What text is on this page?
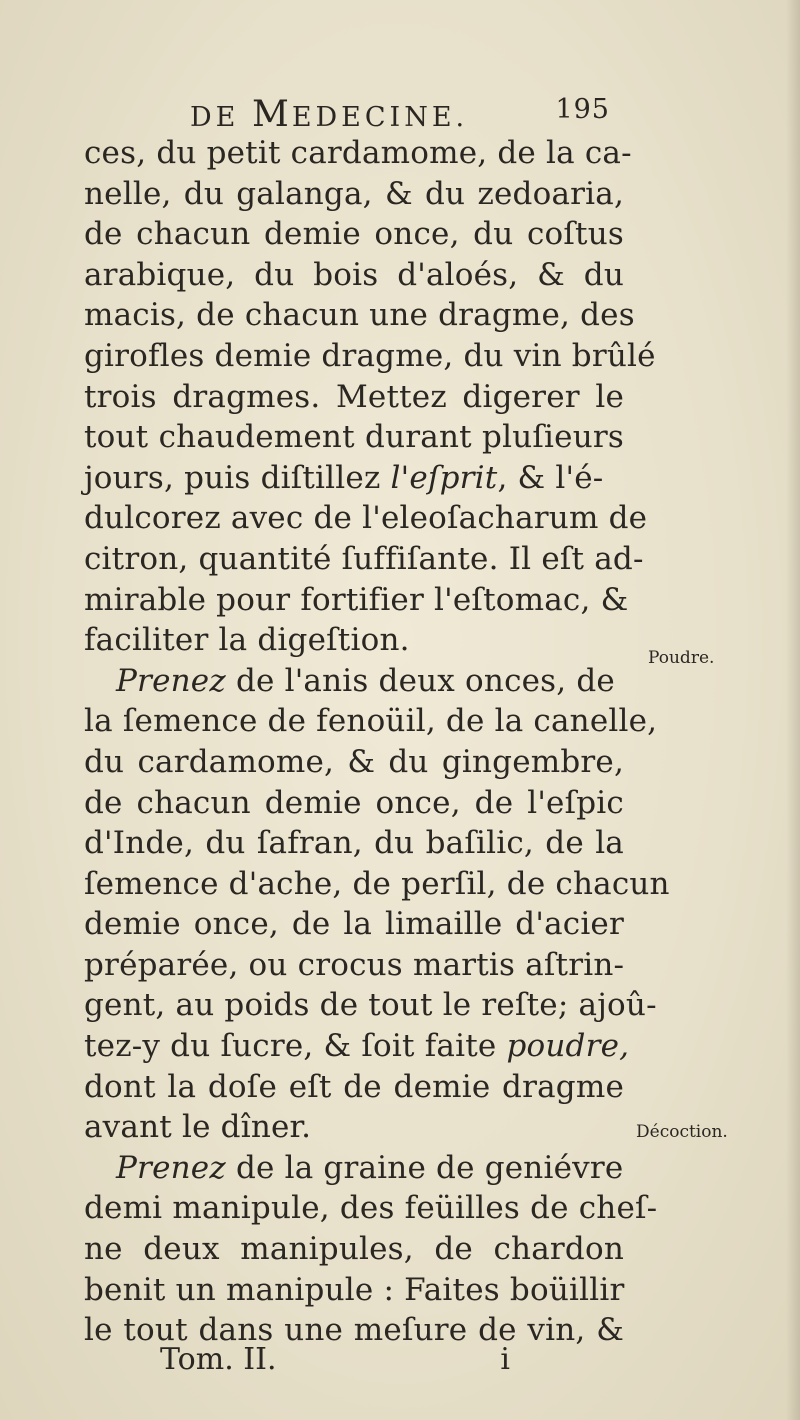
DE MEDECINE.	195
ces, du petit cardamome, de la ca-
nelle, du galanga, & du zedoaria,
de chacun demie once, du coſtus
arabique, du bois d'aloés, & du
macis, de chacun une dragme, des
girofles demie dragme, du vin brûlé
trois dragmes. Mettez digerer le
tout chaudement durant pluſieurs
jours, puis diſtillez l'eſprit, & l'é-
dulcorez avec de l'eleoſacharum de
citron, quantité ſuffiſante. Il eſt ad-
mirable pour fortifier l'eſtomac, &
faciliter la digeſtion.
Prenez de l'anis deux onces, de
la ſemence de fenoüil, de la canelle,
du cardamome, & du gingembre,
de chacun demie once, de l'eſpic
d'Inde, du ſafran, du baſilic, de la
ſemence d'ache, de perſil, de chacun
demie once, de la limaille d'acier
préparée, ou crocus martis aſtrin-
gent, au poids de tout le reſte; ajoû-
tez-y du ſucre, & ſoit faite poudre,
dont la doſe eſt de demie dragme
avant le dîner.
Prenez de la graine de geniévre
demi manipule, des feüilles de cheſ-
ne deux manipules, de chardon
benit un manipule : Faites boüillir
le tout dans une meſure de vin, &
Poudre.
Décoction.
Tom. II.	i
